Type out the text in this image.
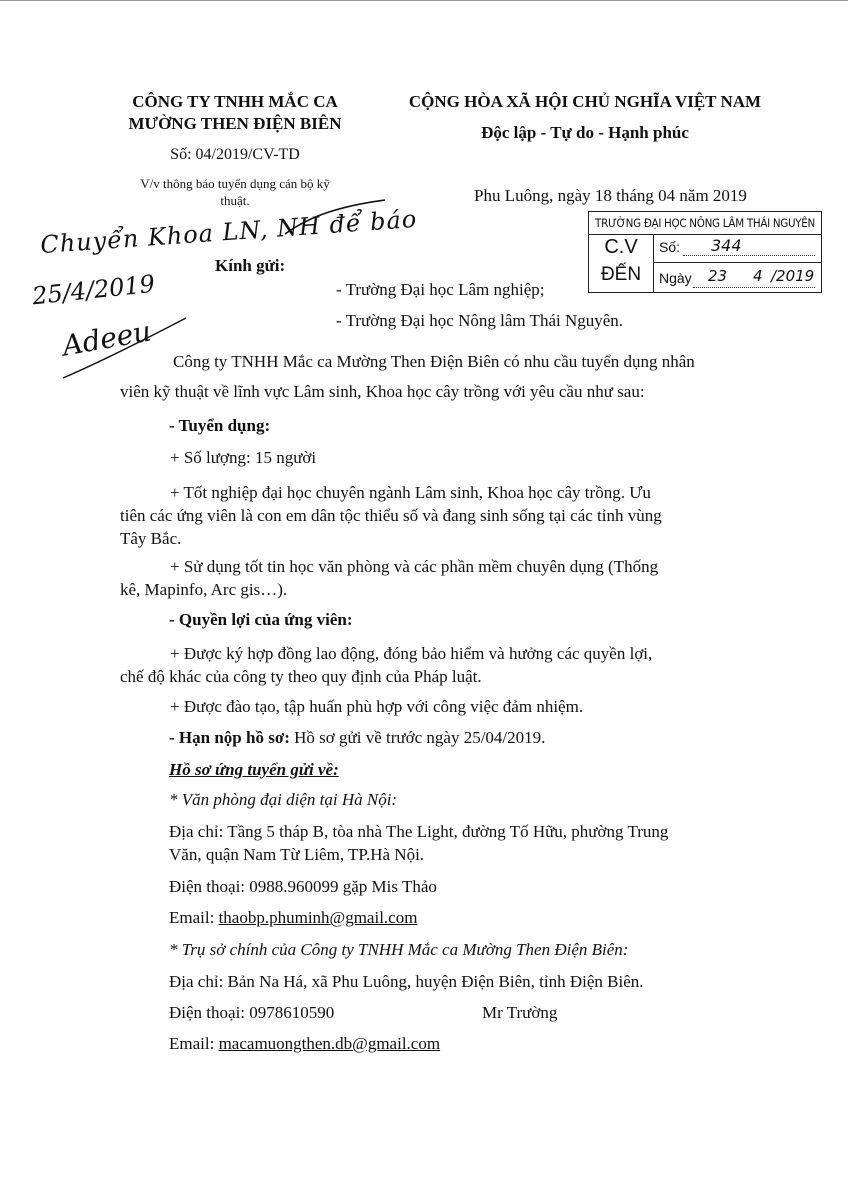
CÔNG TY TNHH MẮC CA
MƯỜNG THEN ĐIỆN BIÊN
Số: 04/2019/CV-TD
V/v thông báo tuyển dụng cán bộ kỹ
thuật.
CỘNG HÒA XÃ HỘI CHỦ NGHĨA VIỆT NAM
Độc lập - Tự do - Hạnh phúc
Phu Luông, ngày 18 tháng 04 năm 2019
TRƯỜNG ĐẠI HỌC NÔNG LÂM THÁI NGUYÊN
C.V
ĐẾN
Số: 344
Ngày 23 4 /2019
Chuyển Khoa LN, NH để báo
25/4/2019
Adeeu
Kính gửi:
- Trường Đại học Lâm nghiệp;
- Trường Đại học Nông lâm Thái Nguyên.
Công ty TNHH Mắc ca Mường Then Điện Biên có nhu cầu tuyển dụng nhân
viên kỹ thuật về lĩnh vực Lâm sinh, Khoa học cây trồng với yêu cầu như sau:
- Tuyển dụng:
+ Số lượng: 15 người
+ Tốt nghiệp đại học chuyên ngành Lâm sinh, Khoa học cây trồng. Ưu
tiên các ứng viên là con em dân tộc thiểu số và đang sinh sống tại các tỉnh vùng
Tây Bắc.
+ Sử dụng tốt tin học văn phòng và các phần mềm chuyên dụng (Thống
kê, Mapinfo, Arc gis…).
- Quyền lợi của ứng viên:
+ Được ký hợp đồng lao động, đóng bảo hiểm và hưởng các quyền lợi,
chế độ khác của công ty theo quy định của Pháp luật.
+ Được đào tạo, tập huấn phù hợp với công việc đảm nhiệm.
- Hạn nộp hồ sơ: Hồ sơ gửi về trước ngày 25/04/2019.
Hồ sơ ứng tuyển gửi về:
* Văn phòng đại diện tại Hà Nội:
Địa chỉ: Tầng 5 tháp B, tòa nhà The Light, đường Tố Hữu, phường Trung
Văn, quận Nam Từ Liêm, TP.Hà Nội.
Điện thoại: 0988.960099 gặp Mis Thảo
Email: thaobp.phuminh@gmail.com
* Trụ sở chính của Công ty TNHH Mắc ca Mường Then Điện Biên:
Địa chỉ: Bản Na Há, xã Phu Luông, huyện Điện Biên, tỉnh Điện Biên.
Điện thoại: 0978610590	Mr Trường
Email: macamuongthen.db@gmail.com
